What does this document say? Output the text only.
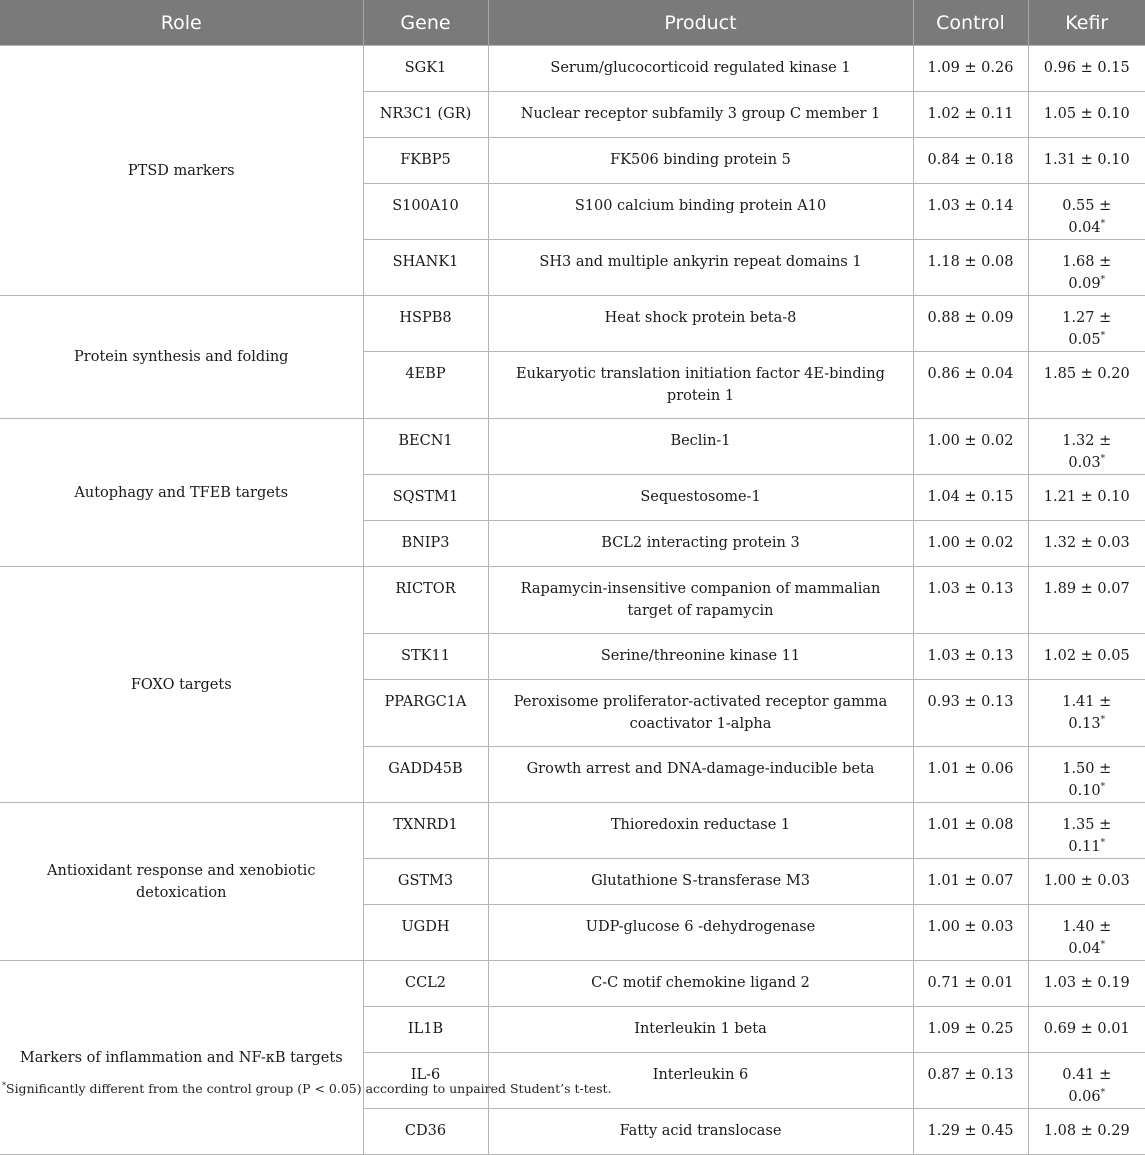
Role	Gene	Product	Control	Kefir
PTSD markers	SGK1	Serum/glucocorticoid regulated kinase 1	1.09 ± 0.26	0.96 ± 0.15
	NR3C1 (GR)	Nuclear receptor subfamily 3 group C member 1	1.02 ± 0.11	1.05 ± 0.10
	FKBP5	FK506 binding protein 5	0.84 ± 0.18	1.31 ± 0.10
	S100A10	S100 calcium binding protein A10	1.03 ± 0.14	0.55 ± 0.04*
	SHANK1	SH3 and multiple ankyrin repeat domains 1	1.18 ± 0.08	1.68 ± 0.09*
Protein synthesis and folding	HSPB8	Heat shock protein beta-8	0.88 ± 0.09	1.27 ± 0.05*
	4EBP	Eukaryotic translation initiation factor 4E-binding protein 1	0.86 ± 0.04	1.85 ± 0.20
Autophagy and TFEB targets	BECN1	Beclin-1	1.00 ± 0.02	1.32 ± 0.03*
	SQSTM1	Sequestosome-1	1.04 ± 0.15	1.21 ± 0.10
	BNIP3	BCL2 interacting protein 3	1.00 ± 0.02	1.32 ± 0.03
FOXO targets	RICTOR	Rapamycin-insensitive companion of mammalian target of rapamycin	1.03 ± 0.13	1.89 ± 0.07
	STK11	Serine/threonine kinase 11	1.03 ± 0.13	1.02 ± 0.05
	PPARGC1A	Peroxisome proliferator-activated receptor gamma coactivator 1-alpha	0.93 ± 0.13	1.41 ± 0.13*
	GADD45B	Growth arrest and DNA-damage-inducible beta	1.01 ± 0.06	1.50 ± 0.10*
Antioxidant response and xenobiotic detoxication	TXNRD1	Thioredoxin reductase 1	1.01 ± 0.08	1.35 ± 0.11*
	GSTM3	Glutathione S-transferase M3	1.01 ± 0.07	1.00 ± 0.03
	UGDH	UDP-glucose 6 -dehydrogenase	1.00 ± 0.03	1.40 ± 0.04*
Markers of inflammation and NF-κB targets	CCL2	C-C motif chemokine ligand 2	0.71 ± 0.01	1.03 ± 0.19
	IL1B	Interleukin 1 beta	1.09 ± 0.25	0.69 ± 0.01
	IL-6	Interleukin 6	0.87 ± 0.13	0.41 ± 0.06*
	CD36	Fatty acid translocase	1.29 ± 0.45	1.08 ± 0.29
*Significantly different from the control group (P < 0.05) according to unpaired Student’s t-test.
